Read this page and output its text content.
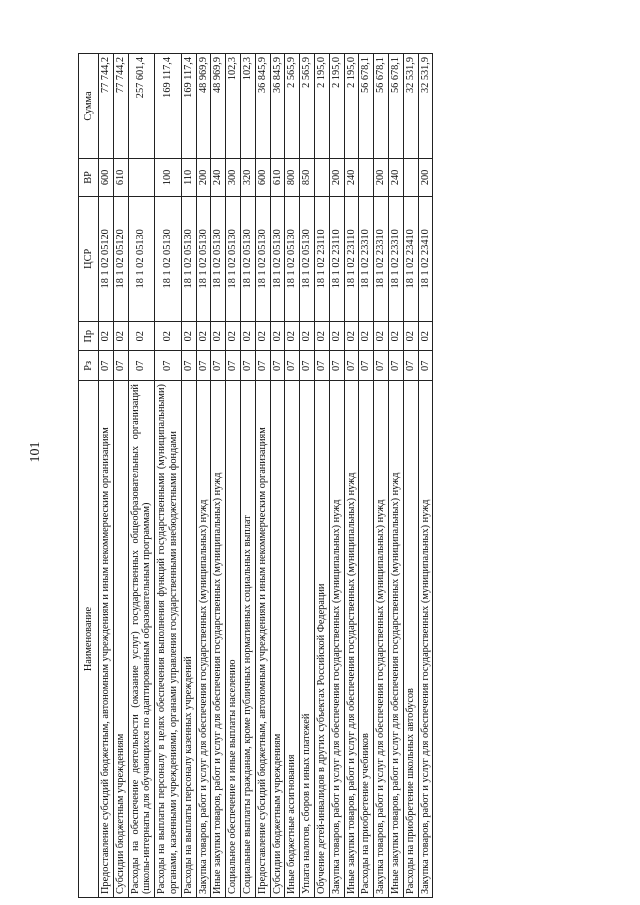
101
Наименование	Рз	Пр	ЦСР	ВР	Сумма
Предоставление субсидий бюджетным, автономным учреждениям и иным некоммерческим организациям	07	02	18 1 02 05120	600	77 744,2
Субсидии бюджетным учреждениям	07	02	18 1 02 05120	610	77 744,2
Расходы на обеспечение деятельности (оказание услуг) государственных общеобразовательных организаций (школы-интернаты для обучающихся по адаптированным образовательным программам)	07	02	18 1 02 05130		257 601,4
Расходы на выплаты персоналу в целях обеспечения выполнения функций государственными (муниципальными) органами, казенными учреждениями, органами управления государственными внебюджетными фондами	07	02	18 1 02 05130	100	169 117,4
Расходы на выплаты персоналу казенных учреждений	07	02	18 1 02 05130	110	169 117,4
Закупка товаров, работ и услуг для обеспечения государственных (муниципальных) нужд	07	02	18 1 02 05130	200	48 969,9
Иные закупки товаров, работ и услуг для обеспечения государственных (муниципальных) нужд	07	02	18 1 02 05130	240	48 969,9
Социальное обеспечение и иные выплаты населению	07	02	18 1 02 05130	300	102,3
Социальные выплаты гражданам, кроме публичных нормативных социальных выплат	07	02	18 1 02 05130	320	102,3
Предоставление субсидий бюджетным, автономным учреждениям и иным некоммерческим организациям	07	02	18 1 02 05130	600	36 845,9
Субсидии бюджетным учреждениям	07	02	18 1 02 05130	610	36 845,9
Иные бюджетные ассигнования	07	02	18 1 02 05130	800	2 565,9
Уплата налогов, сборов и иных платежей	07	02	18 1 02 05130	850	2 565,9
Обучение детей-инвалидов в других субъектах Российской Федерации	07	02	18 1 02 23110		2 195,0
Закупка товаров, работ и услуг для обеспечения государственных (муниципальных) нужд	07	02	18 1 02 23110	200	2 195,0
Иные закупки товаров, работ и услуг для обеспечения государственных (муниципальных) нужд	07	02	18 1 02 23110	240	2 195,0
Расходы на приобретение учебников	07	02	18 1 02 23310		56 678,1
Закупка товаров, работ и услуг для обеспечения государственных (муниципальных) нужд	07	02	18 1 02 23310	200	56 678,1
Иные закупки товаров, работ и услуг для обеспечения государственных (муниципальных) нужд	07	02	18 1 02 23310	240	56 678,1
Расходы на приобретение школьных автобусов	07	02	18 1 02 23410		32 531,9
Закупка товаров, работ и услуг для обеспечения государственных (муниципальных) нужд	07	02	18 1 02 23410	200	32 531,9
